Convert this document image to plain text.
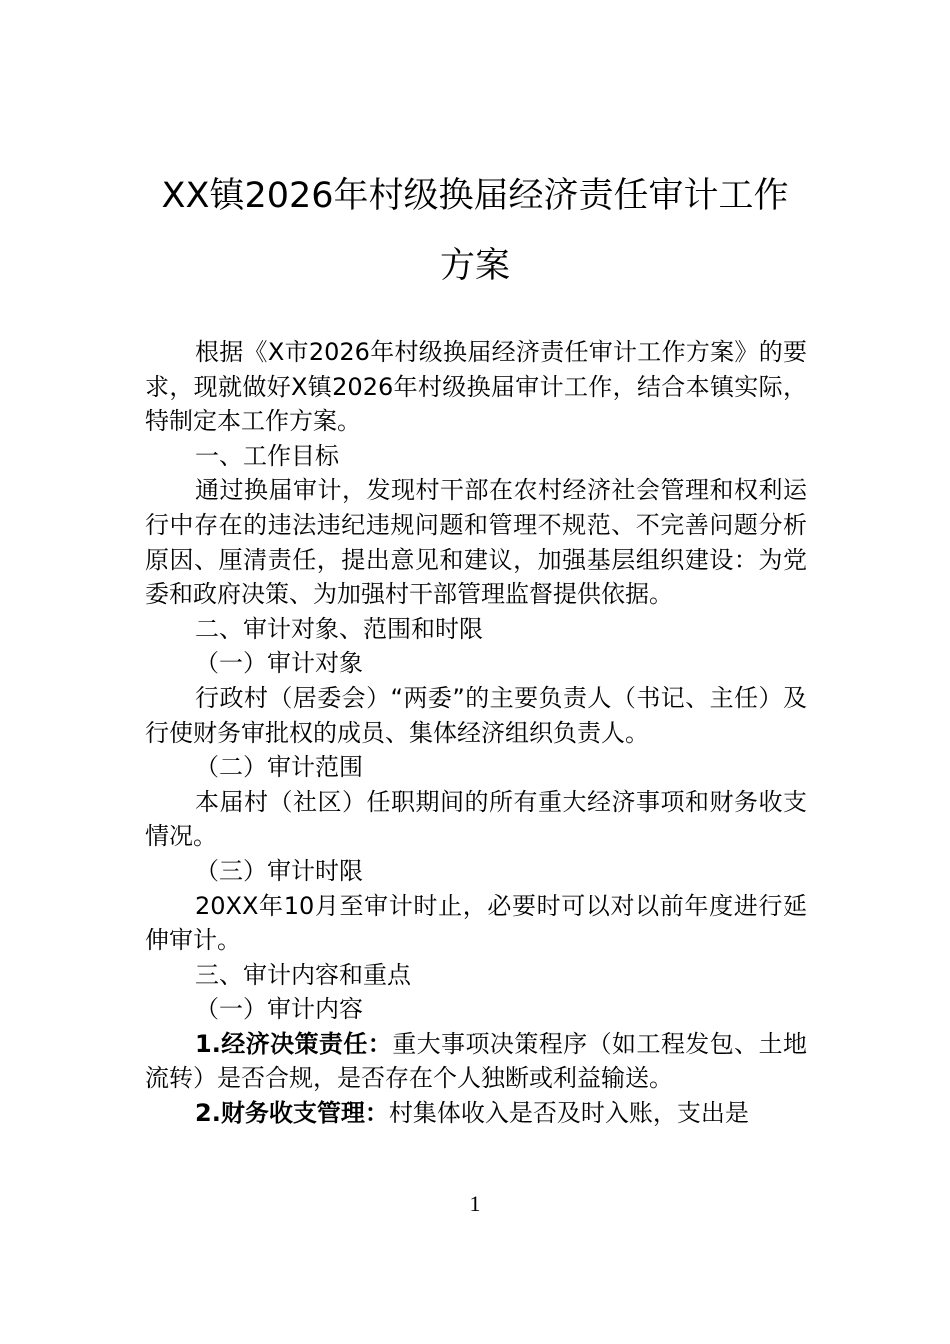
XX镇2026年村级换届经济责任审计工作
方案

根据《X市2026年村级换届经济责任审计工作方案》的要求，现就做好X镇2026年村级换届审计工作，结合本镇实际，特制定本工作方案。

一、工作目标

通过换届审计，发现村干部在农村经济社会管理和权利运行中存在的违法违纪违规问题和管理不规范、不完善问题分析原因、厘清责任，提出意见和建议，加强基层组织建设：为党委和政府决策、为加强村干部管理监督提供依据。

二、审计对象、范围和时限

（一）审计对象

行政村（居委会）“两委”的主要负责人（书记、主任）及行使财务审批权的成员、集体经济组织负责人。

（二）审计范围

本届村（社区）任职期间的所有重大经济事项和财务收支情况。

（三）审计时限

20XX年10月至审计时止，必要时可以对以前年度进行延伸审计。

三、审计内容和重点

（一）审计内容

1.经济决策责任：重大事项决策程序（如工程发包、土地流转）是否合规，是否存在个人独断或利益输送。

2.财务收支管理：村集体收入是否及时入账，支出是

1
